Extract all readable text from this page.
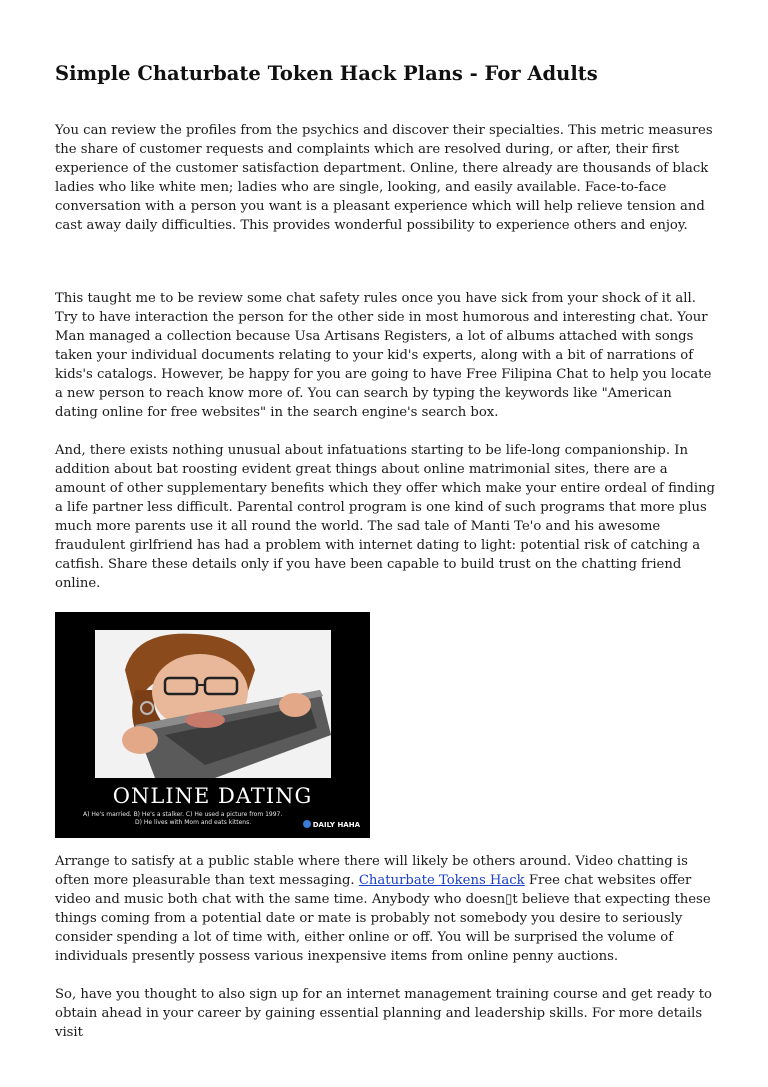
Simple Chaturbate Token Hack Plans - For Adults

You can review the profiles from the psychics and discover their specialties. This metric measures the share of customer requests and complaints which are resolved during, or after, their first experience of the customer satisfaction department. Online, there already are thousands of black ladies who like white men; ladies who are single, looking, and easily available. Face-to-face conversation with a person you want is a pleasant experience which will help relieve tension and cast away daily difficulties. This provides wonderful possibility to experience others and enjoy.

This taught me to be review some chat safety rules once you have sick from your shock of it all. Try to have interaction the person for the other side in most humorous and interesting chat. Your Man managed a collection because Usa Artisans Registers, a lot of albums attached with songs taken your individual documents relating to your kid's experts, along with a bit of narrations of kids's catalogs. However, be happy for you are going to have Free Filipina Chat to help you locate a new person to reach know more of. You can search by typing the keywords like "American dating online for free websites" in the search engine's search box.

And, there exists nothing unusual about infatuations starting to be life-long companionship. In addition about bat roosting evident great things about online matrimonial sites, there are a amount of other supplementary benefits which they offer which make your entire ordeal of finding a life partner less difficult. Parental control program is one kind of such programs that more plus much more parents use it all round the world. The sad tale of Manti Te'o and his awesome fraudulent girlfriend has had a problem with internet dating to light: potential risk of catching a catfish. Share these details only if you have been capable to build trust on the chatting friend online.

ONLINE DATING
A) He's married. B) He's a stalker. C) He used a picture from 1997.
D) He lives with Mom and eats kittens.	DAILY HAHA

Arrange to satisfy at a public stable where there will likely be others around. Video chatting is often more pleasurable than text messaging. Chaturbate Tokens Hack Free chat websites offer video and music both chat with the same time. Anybody who doesn▯t believe that expecting these things coming from a potential date or mate is probably not somebody you desire to seriously consider spending a lot of time with, either online or off. You will be surprised the volume of individuals presently possess various inexpensive items from online penny auctions.

So, have you thought to also sign up for an internet management training course and get ready to obtain ahead in your career by gaining essential planning and leadership skills. For more details visit
